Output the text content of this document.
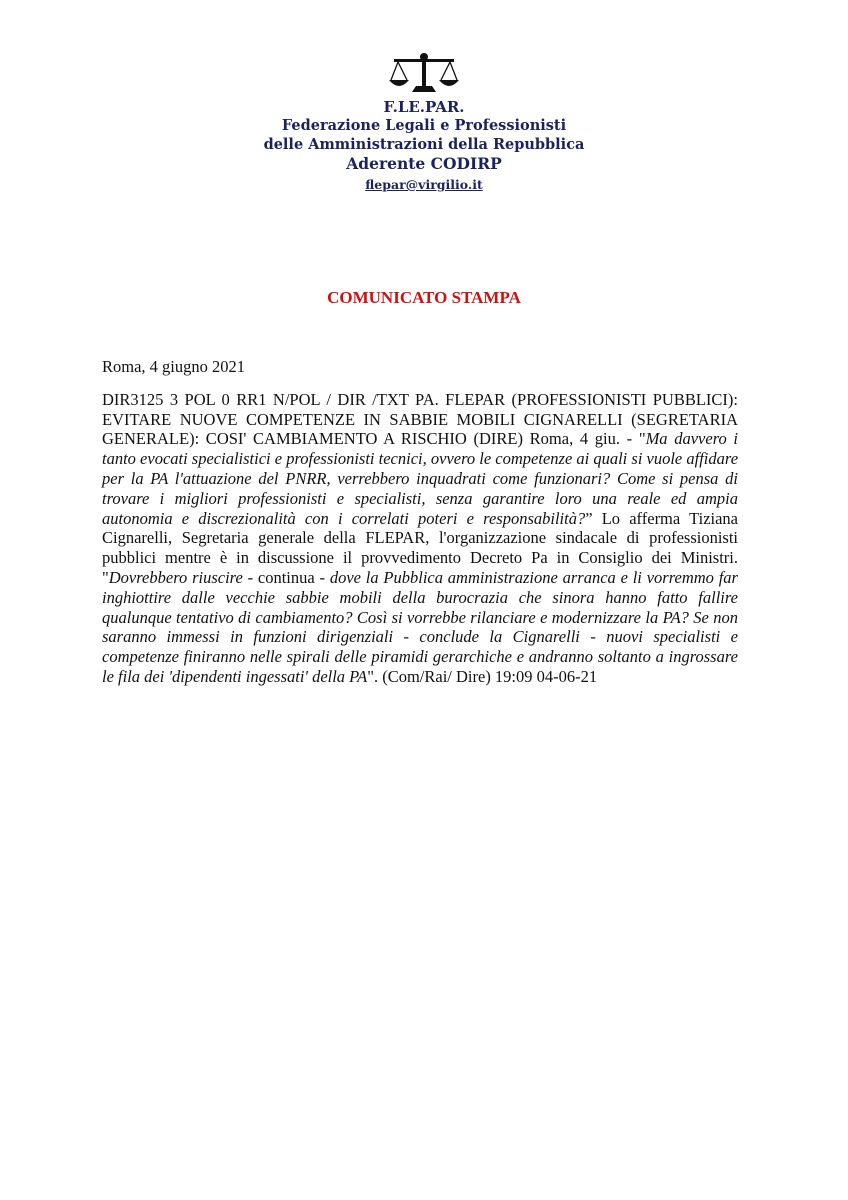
F.LE.PAR.
Federazione Legali e Professionisti
delle Amministrazioni della Repubblica
Aderente CODIRP
flepar@virgilio.it
COMUNICATO STAMPA
Roma, 4 giugno 2021
DIR3125 3 POL 0 RR1 N/POL / DIR /TXT PA. FLEPAR (PROFESSIONISTI PUBBLICI): EVITARE NUOVE COMPETENZE IN SABBIE MOBILI CIGNARELLI (SEGRETARIA GENERALE): COSI' CAMBIAMENTO A RISCHIO (DIRE) Roma, 4 giu. - "Ma davvero i tanto evocati specialistici e professionisti tecnici, ovvero le competenze ai quali si vuole affidare per la PA l'attuazione del PNRR, verrebbero inquadrati come funzionari? Come si pensa di trovare i migliori professionisti e specialisti, senza garantire loro una reale ed ampia autonomia e discrezionalità con i correlati poteri e responsabilità?” Lo afferma Tiziana Cignarelli, Segretaria generale della FLEPAR, l'organizzazione sindacale di professionisti pubblici mentre è in discussione il provvedimento Decreto Pa in Consiglio dei Ministri. "Dovrebbero riuscire - continua - dove la Pubblica amministrazione arranca e li vorremmo far inghiottire dalle vecchie sabbie mobili della burocrazia che sinora hanno fatto fallire qualunque tentativo di cambiamento? Così si vorrebbe rilanciare e modernizzare la PA? Se non saranno immessi in funzioni dirigenziali - conclude la Cignarelli - nuovi specialisti e competenze finiranno nelle spirali delle piramidi gerarchiche e andranno soltanto a ingrossare le fila dei 'dipendenti ingessati' della PA". (Com/Rai/ Dire) 19:09 04-06-21
